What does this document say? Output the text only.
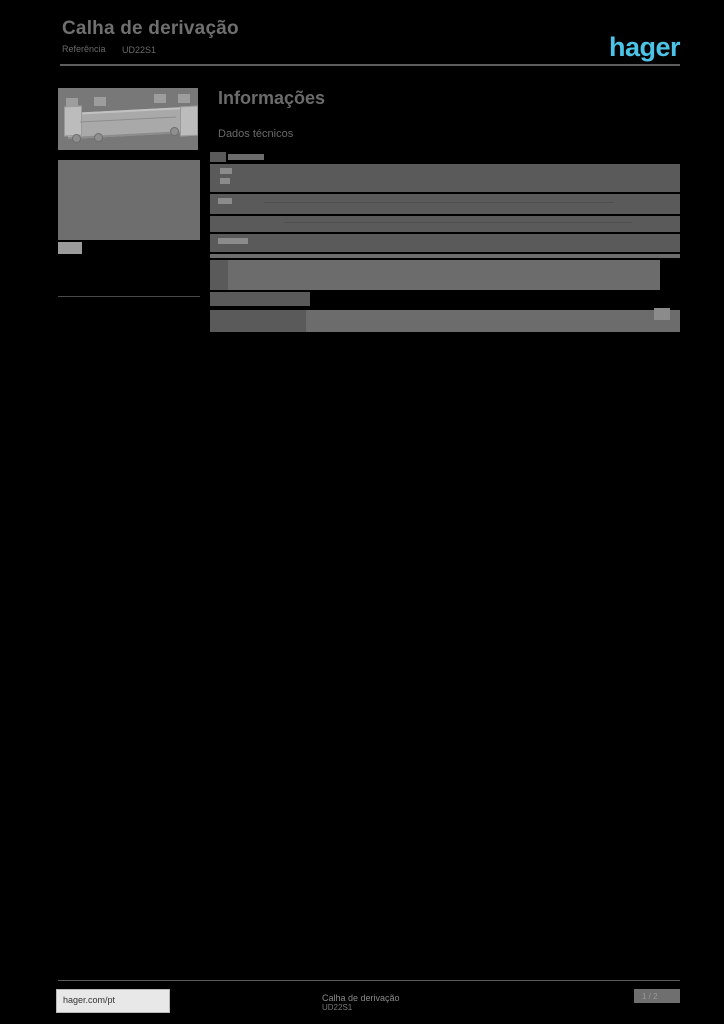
Calha de derivação
Referência UD22S1	hager
Informações
Dados técnicos
hager.com/pt	Calha de derivação
UD22S1
1 / 2
